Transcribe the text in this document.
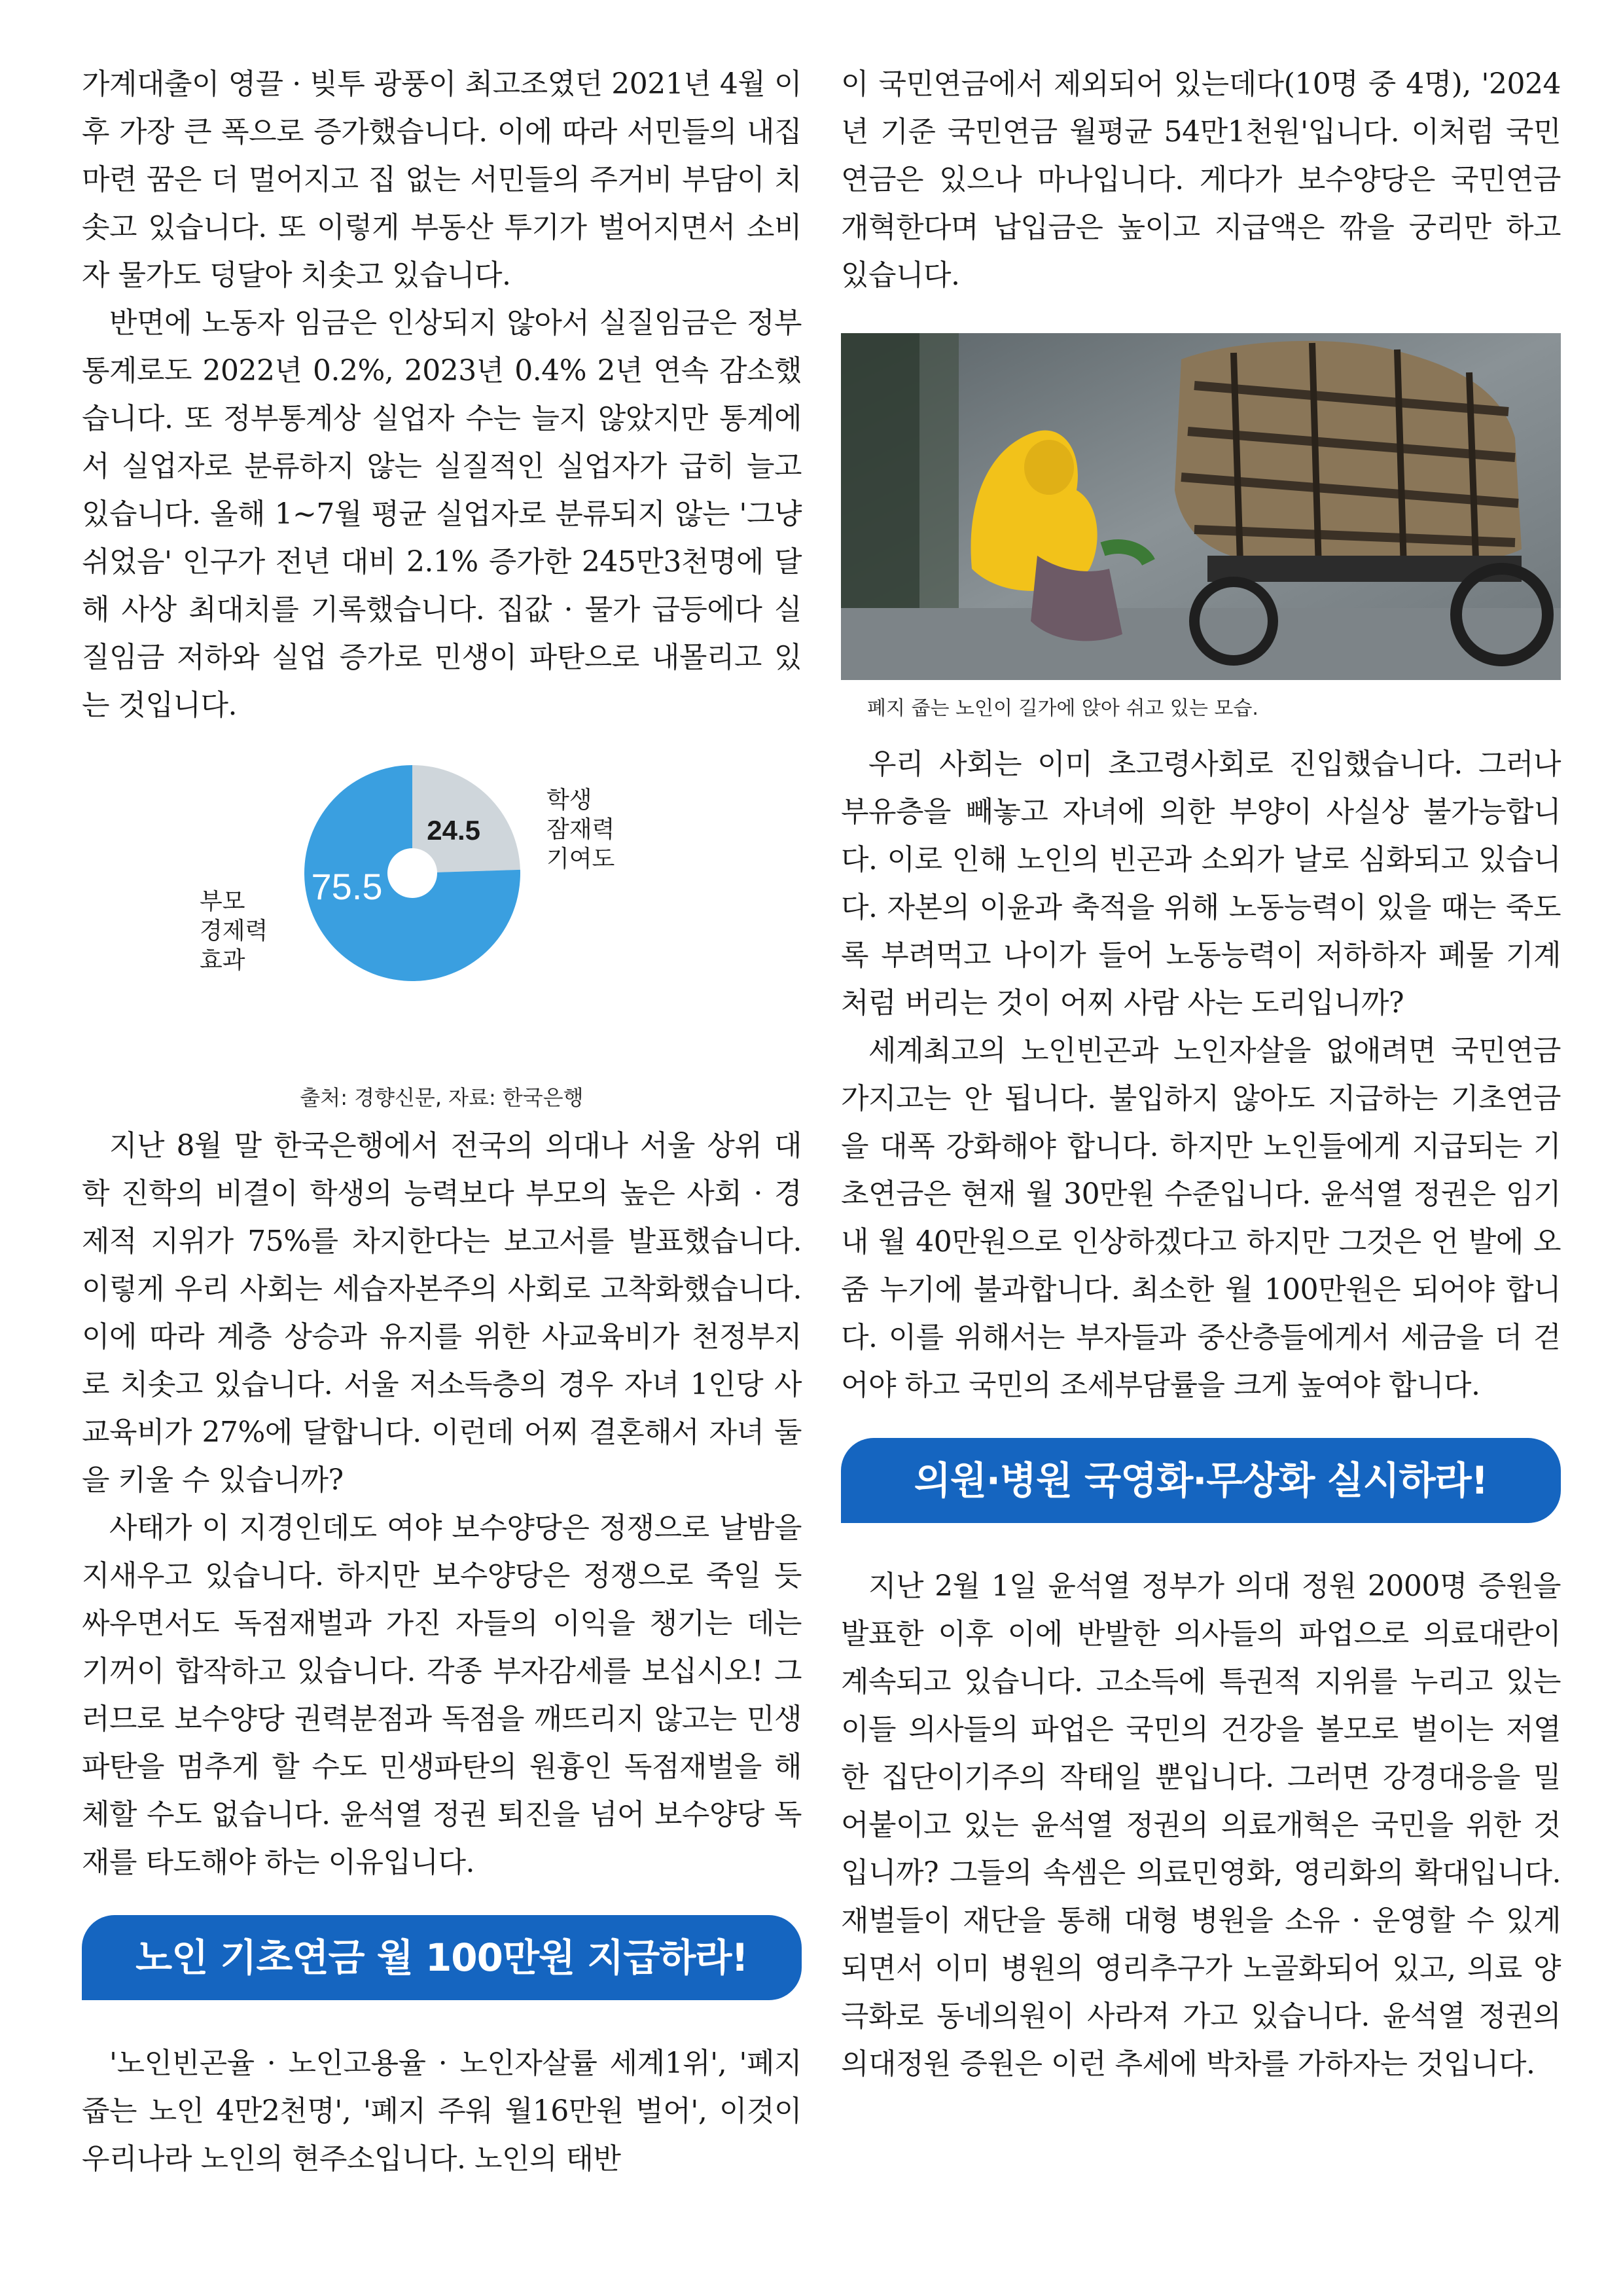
가계대출이 영끌 · 빚투 광풍이 최고조였던 2021년 4월 이후 가장 큰 폭으로 증가했습니다. 이에 따라 서민들의 내집마련 꿈은 더 멀어지고 집 없는 서민들의 주거비 부담이 치솟고 있습니다. 또 이렇게 부동산 투기가 벌어지면서 소비자 물가도 덩달아 치솟고 있습니다.

반면에 노동자 임금은 인상되지 않아서 실질임금은 정부 통계로도 2022년 0.2%, 2023년 0.4% 2년 연속 감소했습니다. 또 정부통계상 실업자 수는 늘지 않았지만 통계에서 실업자로 분류하지 않는 실질적인 실업자가 급히 늘고 있습니다. 올해 1~7월 평균 실업자로 분류되지 않는 '그냥 쉬었음' 인구가 전년 대비 2.1% 증가한 245만3천명에 달해 사상 최대치를 기록했습니다. 집값 · 물가 급등에다 실질임금 저하와 실업 증가로 민생이 파탄으로 내몰리고 있는 것입니다.

24.5
75.5
학생
잠재력
기여도
부모
경제력
효과
출처: 경향신문, 자료: 한국은행

지난 8월 말 한국은행에서 전국의 의대나 서울 상위 대학 진학의 비결이 학생의 능력보다 부모의 높은 사회 · 경제적 지위가 75%를 차지한다는 보고서를 발표했습니다. 이렇게 우리 사회는 세습자본주의 사회로 고착화했습니다. 이에 따라 계층 상승과 유지를 위한 사교육비가 천정부지로 치솟고 있습니다. 서울 저소득층의 경우 자녀 1인당 사교육비가 27%에 달합니다. 이런데 어찌 결혼해서 자녀 둘을 키울 수 있습니까?

사태가 이 지경인데도 여야 보수양당은 정쟁으로 날밤을 지새우고 있습니다. 하지만 보수양당은 정쟁으로 죽일 듯 싸우면서도 독점재벌과 가진 자들의 이익을 챙기는 데는 기꺼이 합작하고 있습니다. 각종 부자감세를 보십시오! 그러므로 보수양당 권력분점과 독점을 깨뜨리지 않고는 민생파탄을 멈추게 할 수도 민생파탄의 원흉인 독점재벌을 해체할 수도 없습니다. 윤석열 정권 퇴진을 넘어 보수양당 독재를 타도해야 하는 이유입니다.

노인 기초연금 월 100만원 지급하라!

'노인빈곤율 · 노인고용율 · 노인자살률 세계1위', '폐지 줍는 노인 4만2천명', '폐지 주워 월16만원 벌어', 이것이 우리나라 노인의 현주소입니다. 노인의 태반

이 국민연금에서 제외되어 있는데다(10명 중 4명), '2024년 기준 국민연금 월평균 54만1천원'입니다. 이처럼 국민연금은 있으나 마나입니다. 게다가 보수양당은 국민연금 개혁한다며 납입금은 높이고 지급액은 깎을 궁리만 하고 있습니다.

폐지 줍는 노인이 길가에 앉아 쉬고 있는 모습.

우리 사회는 이미 초고령사회로 진입했습니다. 그러나 부유층을 빼놓고 자녀에 의한 부양이 사실상 불가능합니다. 이로 인해 노인의 빈곤과 소외가 날로 심화되고 있습니다. 자본의 이윤과 축적을 위해 노동능력이 있을 때는 죽도록 부려먹고 나이가 들어 노동능력이 저하하자 폐물 기계처럼 버리는 것이 어찌 사람 사는 도리입니까?

세계최고의 노인빈곤과 노인자살을 없애려면 국민연금 가지고는 안 됩니다. 불입하지 않아도 지급하는 기초연금을 대폭 강화해야 합니다. 하지만 노인들에게 지급되는 기초연금은 현재 월 30만원 수준입니다. 윤석열 정권은 임기 내 월 40만원으로 인상하겠다고 하지만 그것은 언 발에 오줌 누기에 불과합니다. 최소한 월 100만원은 되어야 합니다. 이를 위해서는 부자들과 중산층들에게서 세금을 더 걷어야 하고 국민의 조세부담률을 크게 높여야 합니다.

의원·병원 국영화·무상화 실시하라!

지난 2월 1일 윤석열 정부가 의대 정원 2000명 증원을 발표한 이후 이에 반발한 의사들의 파업으로 의료대란이 계속되고 있습니다. 고소득에 특권적 지위를 누리고 있는 이들 의사들의 파업은 국민의 건강을 볼모로 벌이는 저열한 집단이기주의 작태일 뿐입니다. 그러면 강경대응을 밀어붙이고 있는 윤석열 정권의 의료개혁은 국민을 위한 것입니까? 그들의 속셈은 의료민영화, 영리화의 확대입니다. 재벌들이 재단을 통해 대형 병원을 소유 · 운영할 수 있게 되면서 이미 병원의 영리추구가 노골화되어 있고, 의료 양극화로 동네의원이 사라져 가고 있습니다. 윤석열 정권의 의대정원 증원은 이런 추세에 박차를 가하자는 것입니다.
